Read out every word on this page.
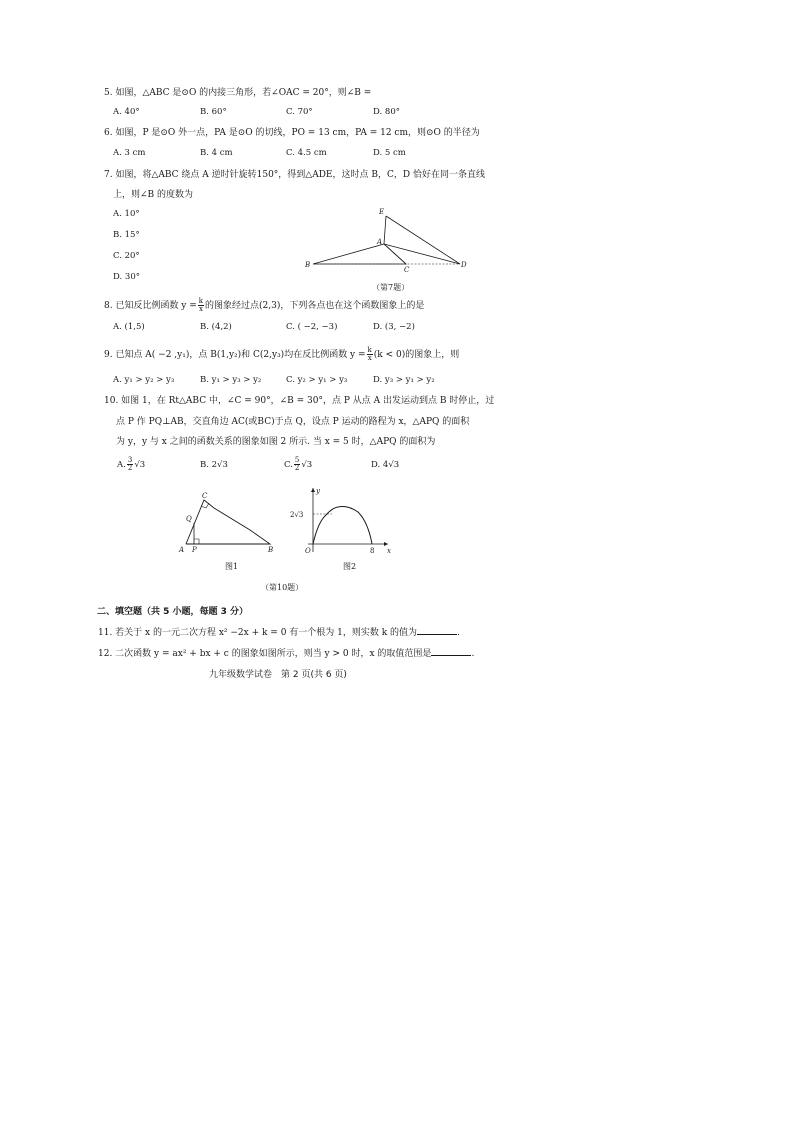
5. 如图，△ABC 是⊙O 的内接三角形，若∠OAC = 20°，则∠B =
A. 40°	B. 60°	C. 70°	D. 80°
6. 如图，P 是⊙O 外一点，PA 是⊙O 的切线，PO = 13 cm，PA = 12 cm，则⊙O 的半径为
A. 3 cm	B. 4 cm	C. 4.5 cm	D. 5 cm
7. 如图，将△ABC 绕点 A 逆时针旋转150°，得到△ADE，这时点 B，C，D 恰好在同一条直线
上，则∠B 的度数为
A. 10°
B. 15°
C. 20°
D. 30°
E
A
B
C
D
（第7题）
8. 已知反比例函数 $y = \frac{k}{x}$ 的图象经过点(2,3)，下列各点也在这个函数图象上的是
A. (1,5)	B. (4,2)	C. ( −2, −3)	D. (3, −2)
9. 已知点 A( −2 ,y₁)，点 B(1,y₂)和 C(2,y₃)均在反比例函数 $y = \frac{k}{x} (k < 0)$的图象上，则
A. y₁ > y₂ > y₃	B. y₁ > y₃ > y₂	C. y₂ > y₁ > y₃	D. y₃ > y₁ > y₂
10. 如图 1，在 Rt△ABC 中，∠C = 90°，∠B = 30°，点 P 从点 A 出发运动到点 B 时停止，过
点 P 作 PQ⊥AB，交直角边 AC(或BC)于点 Q，设点 P 运动的路程为 x，△APQ 的面积
为 y，y 与 x 之间的函数关系的图象如图 2 所示. 当 x = 5 时，△APQ 的面积为
A. $\frac{3}{2} √3$	B. 2√3	C. $\frac{5}{2} √3$	D. 4√3
C
Q
A P	B
图1
y
2√3
O	8 x
图2
（第10题）
二、填空题（共 5 小题，每题 3 分）
11. 若关于 x 的一元二次方程 x² −2x + k = 0 有一个根为 1，则实数 k 的值为	.
12. 二次函数 y = ax² + bx + c 的图象如图所示，则当 y > 0 时，x 的取值范围是	.
九年级数学试卷　第 2 页(共 6 页)
